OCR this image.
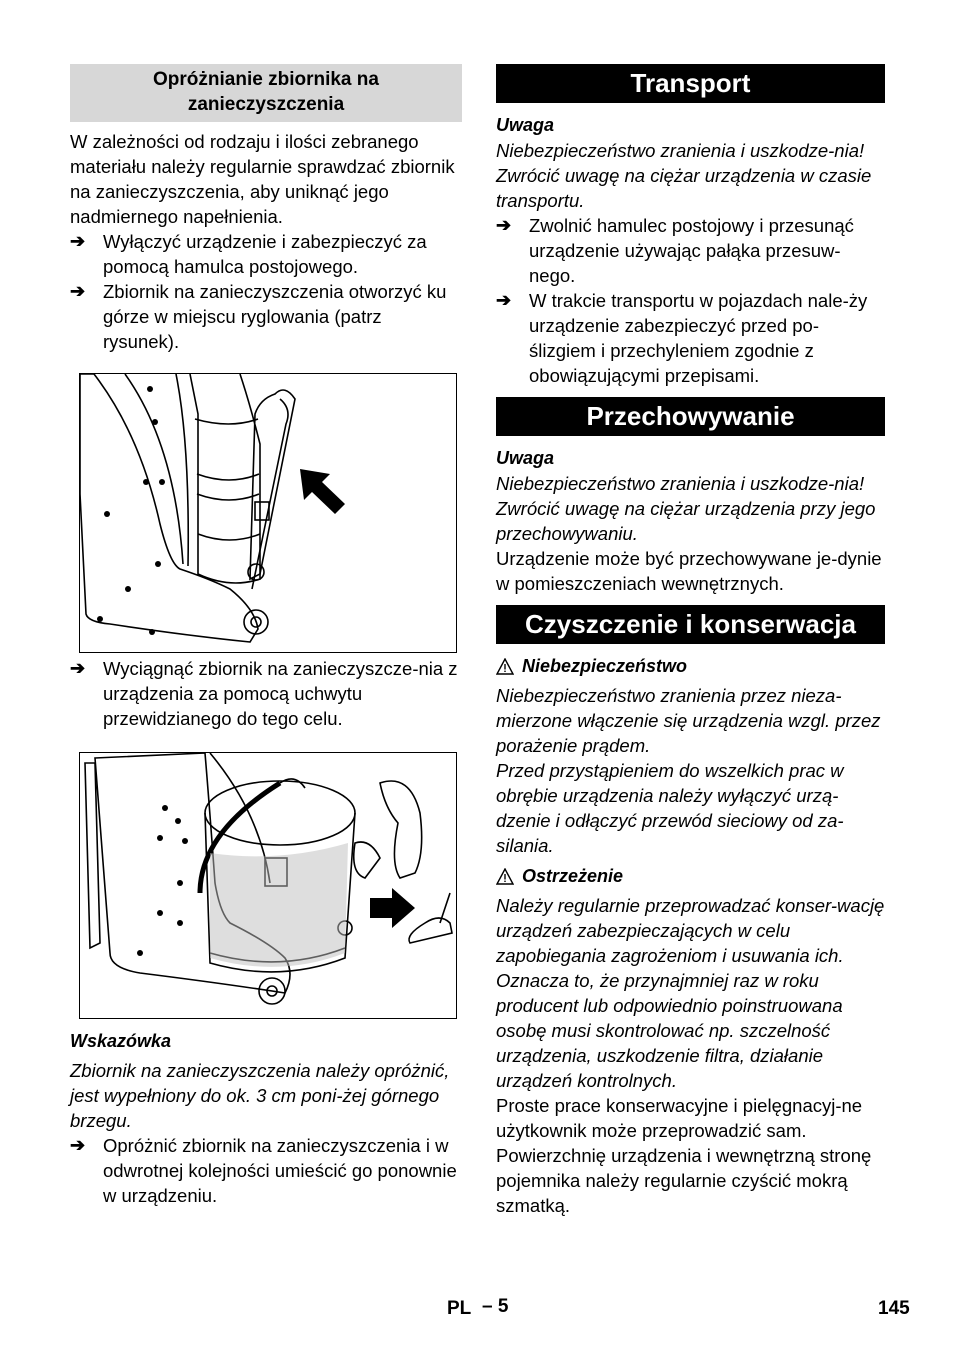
Opróżnianie zbiornika na zanieczyszczenia

W zależności od rodzaju i ilości zebranego materiału należy regularnie sprawdzać zbiornik na zanieczyszczenia, aby uniknąć jego nadmiernego napełnienia.

➔ Wyłączyć urządzenie i zabezpieczyć za pomocą hamulca postojowego.
➔ Zbiornik na zanieczyszczenia otworzyć ku górze w miejscu ryglowania (patrz rysunek).
➔ Wyciągnąć zbiornik na zanieczyszcze-nia z urządzenia za pomocą uchwytu przewidzianego do tego celu.

Wskazówka

Zbiornik na zanieczyszczenia należy opróżnić, jest wypełniony do ok. 3 cm poni-żej górnego brzegu.

➔ Opróżnić zbiornik na zanieczyszczenia i w odwrotnej kolejności umieścić go ponownie w urządzeniu.
Transport

Uwaga

Niebezpieczeństwo zranienia i uszkodze-nia! Zwrócić uwagę na ciężar urządzenia w czasie transportu.

➔ Zwolnić hamulec postojowy i przesunąć urządzenie używając pałąka przesuw-nego.
➔ W trakcie transportu w pojazdach nale-ży urządzenie zabezpieczyć przed po-ślizgiem i przechyleniem zgodnie z obowiązującymi przepisami.
Przechowywanie

Uwaga

Niebezpieczeństwo zranienia i uszkodze-nia! Zwrócić uwagę na ciężar urządzenia przy jego przechowywaniu.

Urządzenie może być przechowywane je-dynie w pomieszczeniach wewnętrznych.

Czyszczenie i konserwacja
Niebezpieczeństwo

Niebezpieczeństwo zranienia przez nieza-mierzone włączenie się urządzenia wzgl. przez porażenie prądem.

Przed przystąpieniem do wszelkich prac w obrębie urządzenia należy wyłączyć urzą-dzenie i odłączyć przewód sieciowy od za-silania.

Ostrzeżenie

Należy regularnie przeprowadzać konser-wację urządzeń zabezpieczających w celu zapobiegania zagrożeniom i usuwania ich. Oznacza to, że przynajmniej raz w roku producent lub odpowiednio poinstruowana osobę musi skontrolować np. szczelność urządzenia, uszkodzenie filtra, działanie urządzeń kontrolnych.

Proste prace konserwacyjne i pielęgnacyj-ne użytkownik może przeprowadzić sam.

Powierzchnię urządzenia i wewnętrzną stronę pojemnika należy regularnie czyścić mokrą szmatką.

PL – 5	145
